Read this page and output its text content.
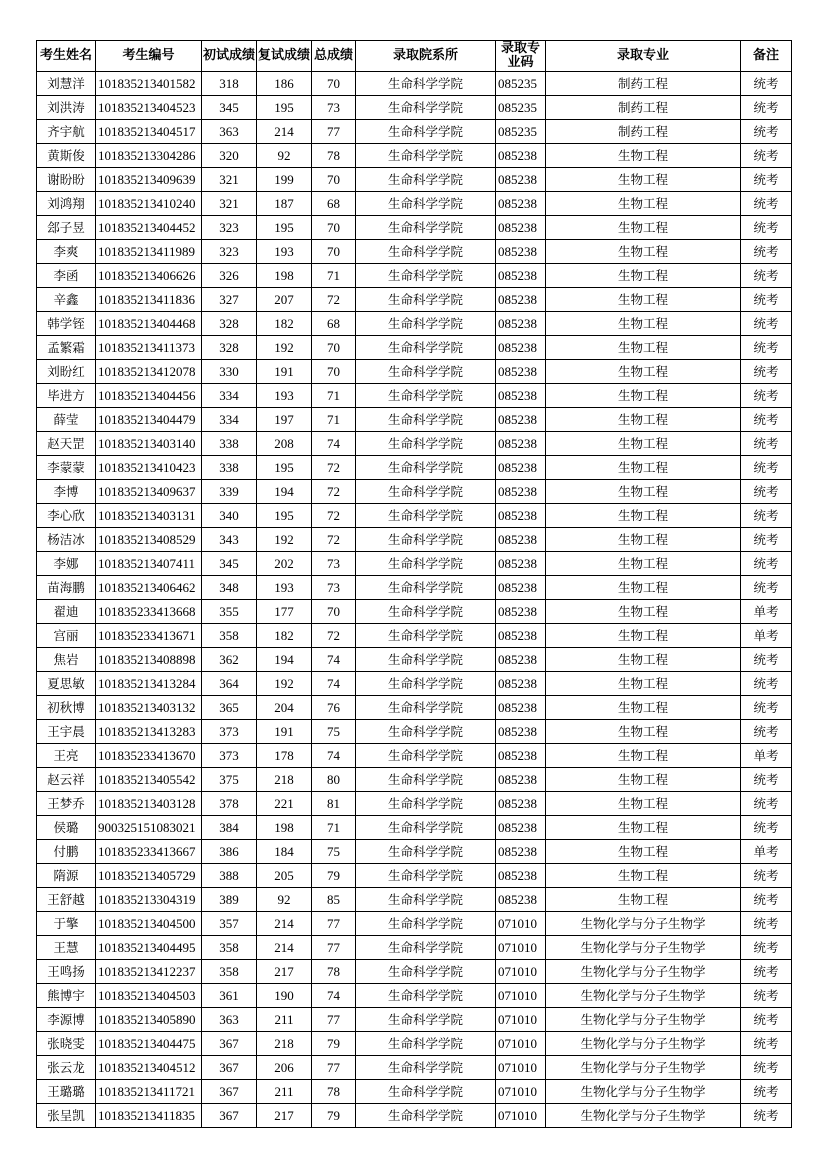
考生姓名	考生编号	初试成绩	复试成绩	总成绩	录取院系所	录取专业码	录取专业	备注
刘慧洋	101835213401582	318	186	70	生命科学学院	085235	制药工程	统考
刘洪涛	101835213404523	345	195	73	生命科学学院	085235	制药工程	统考
齐宇航	101835213404517	363	214	77	生命科学学院	085235	制药工程	统考
黄斯俊	101835213304286	320	92	78	生命科学学院	085238	生物工程	统考
谢盼盼	101835213409639	321	199	70	生命科学学院	085238	生物工程	统考
刘鸿翔	101835213410240	321	187	68	生命科学学院	085238	生物工程	统考
郐子昱	101835213404452	323	195	70	生命科学学院	085238	生物工程	统考
李爽	101835213411989	323	193	70	生命科学学院	085238	生物工程	统考
李函	101835213406626	326	198	71	生命科学学院	085238	生物工程	统考
辛鑫	101835213411836	327	207	72	生命科学学院	085238	生物工程	统考
韩学铚	101835213404468	328	182	68	生命科学学院	085238	生物工程	统考
孟繁霜	101835213411373	328	192	70	生命科学学院	085238	生物工程	统考
刘盼红	101835213412078	330	191	70	生命科学学院	085238	生物工程	统考
毕进方	101835213404456	334	193	71	生命科学学院	085238	生物工程	统考
薛莹	101835213404479	334	197	71	生命科学学院	085238	生物工程	统考
赵天罡	101835213403140	338	208	74	生命科学学院	085238	生物工程	统考
李蒙蒙	101835213410423	338	195	72	生命科学学院	085238	生物工程	统考
李博	101835213409637	339	194	72	生命科学学院	085238	生物工程	统考
李心欣	101835213403131	340	195	72	生命科学学院	085238	生物工程	统考
杨洁冰	101835213408529	343	192	72	生命科学学院	085238	生物工程	统考
李娜	101835213407411	345	202	73	生命科学学院	085238	生物工程	统考
苗海鹏	101835213406462	348	193	73	生命科学学院	085238	生物工程	统考
翟迪	101835233413668	355	177	70	生命科学学院	085238	生物工程	单考
宫丽	101835233413671	358	182	72	生命科学学院	085238	生物工程	单考
焦岩	101835213408898	362	194	74	生命科学学院	085238	生物工程	统考
夏思敏	101835213413284	364	192	74	生命科学学院	085238	生物工程	统考
初秋博	101835213403132	365	204	76	生命科学学院	085238	生物工程	统考
王宇晨	101835213413283	373	191	75	生命科学学院	085238	生物工程	统考
王亮	101835233413670	373	178	74	生命科学学院	085238	生物工程	单考
赵云祥	101835213405542	375	218	80	生命科学学院	085238	生物工程	统考
王梦乔	101835213403128	378	221	81	生命科学学院	085238	生物工程	统考
侯璐	900325151083021	384	198	71	生命科学学院	085238	生物工程	统考
付鹏	101835233413667	386	184	75	生命科学学院	085238	生物工程	单考
隋源	101835213405729	388	205	79	生命科学学院	085238	生物工程	统考
王舒越	101835213304319	389	92	85	生命科学学院	085238	生物工程	统考
于擎	101835213404500	357	214	77	生命科学学院	071010	生物化学与分子生物学	统考
王慧	101835213404495	358	214	77	生命科学学院	071010	生物化学与分子生物学	统考
王鸣扬	101835213412237	358	217	78	生命科学学院	071010	生物化学与分子生物学	统考
熊博宇	101835213404503	361	190	74	生命科学学院	071010	生物化学与分子生物学	统考
李源博	101835213405890	363	211	77	生命科学学院	071010	生物化学与分子生物学	统考
张晓雯	101835213404475	367	218	79	生命科学学院	071010	生物化学与分子生物学	统考
张云龙	101835213404512	367	206	77	生命科学学院	071010	生物化学与分子生物学	统考
王璐璐	101835213411721	367	211	78	生命科学学院	071010	生物化学与分子生物学	统考
张呈凯	101835213411835	367	217	79	生命科学学院	071010	生物化学与分子生物学	统考
